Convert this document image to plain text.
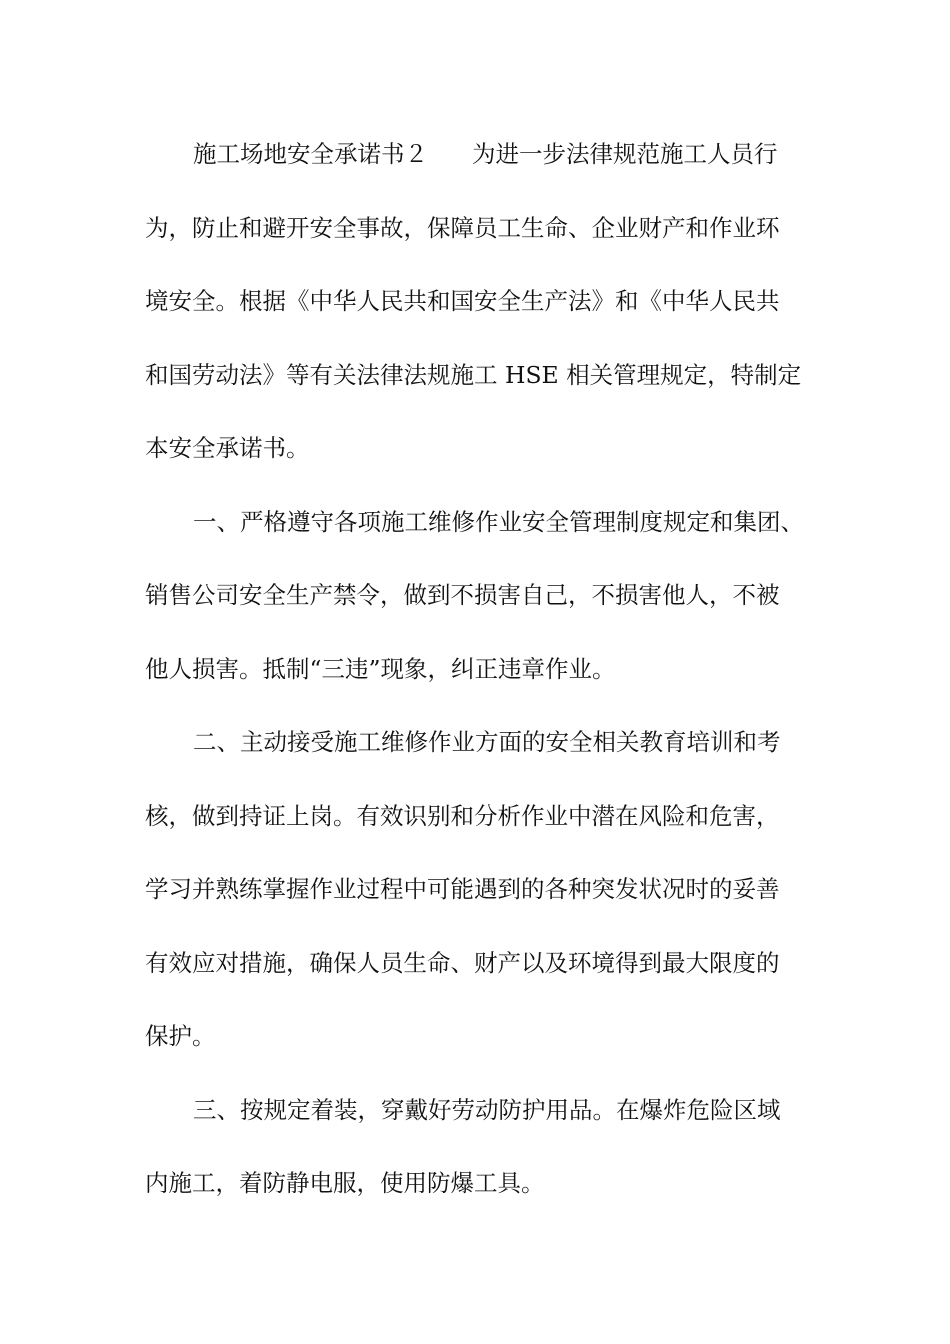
施工场地安全承诺书２ 为进一步法律规范施工人员行
为，防止和避开安全事故，保障员工生命、企业财产和作业环
境安全。根据《中华人民共和国安全生产法》和《中华人民共
和国劳动法》等有关法律法规施工 HSE 相关管理规定，特制定
本安全承诺书。
一、严格遵守各项施工维修作业安全管理制度规定和集团、
销售公司安全生产禁令，做到不损害自己，不损害他人，不被
他人损害。抵制“三违”现象，纠正违章作业。
二、主动接受施工维修作业方面的安全相关教育培训和考
核，做到持证上岗。有效识别和分析作业中潜在风险和危害，
学习并熟练掌握作业过程中可能遇到的各种突发状况时的妥善
有效应对措施，确保人员生命、财产以及环境得到最大限度的
保护。
三、按规定着装，穿戴好劳动防护用品。在爆炸危险区域
内施工，着防静电服，使用防爆工具。
